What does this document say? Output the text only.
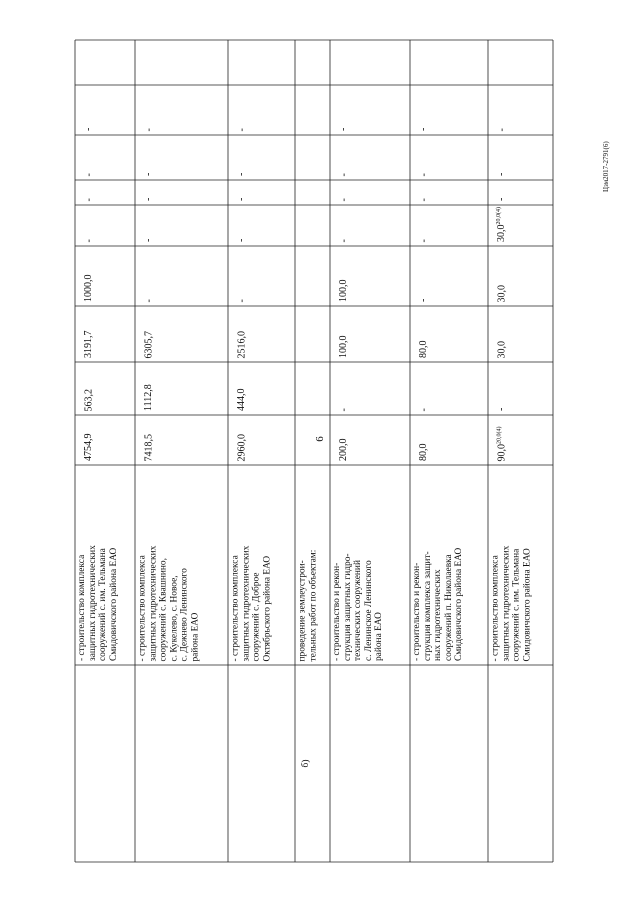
6
Цзм2017-2791(6)
- строительство комплекса защитных гидротехнических сооружений с. им. Тельмана Смидовичского района ЕАО
4754,9
563,2
3191,7
1000,0
-
-
-
-
- строительство комплекса защитных гидротехнических сооружений с. Квашнино, с. Кукелево, с. Новое, с. Дежнево Ленинского района ЕАО
7418,5
1112,8
6305,7
-
-
-
-
-
- строительство комплекса защитных гидротехнических сооружений с. Доброе Октябрьского района ЕАО
2960,0
444,0
2516,0
-
-
-
-
-
б)
проведение землеустрои- тельных работ по объектам: - строительство и рекон- струкция защитных гидро- технических сооружений с. Ленинское Ленинского района ЕАО
200,0
-
100,0
100,0
-
-
-
-
- строительство и рекон- струкция комплекса защит- ных гидротехнических сооружений п. Николаевка Смидовичского района ЕАО
80,0
-
80,0
-
-
-
-
-
- строительство комплекса защитных гидротехнических сооружений с. им. Тельмана Смидовичского района ЕАО
$90,0^{20,0(4)}$
-
30,0
30,0
$30,0^{20,0(4)}$
-
-
-
